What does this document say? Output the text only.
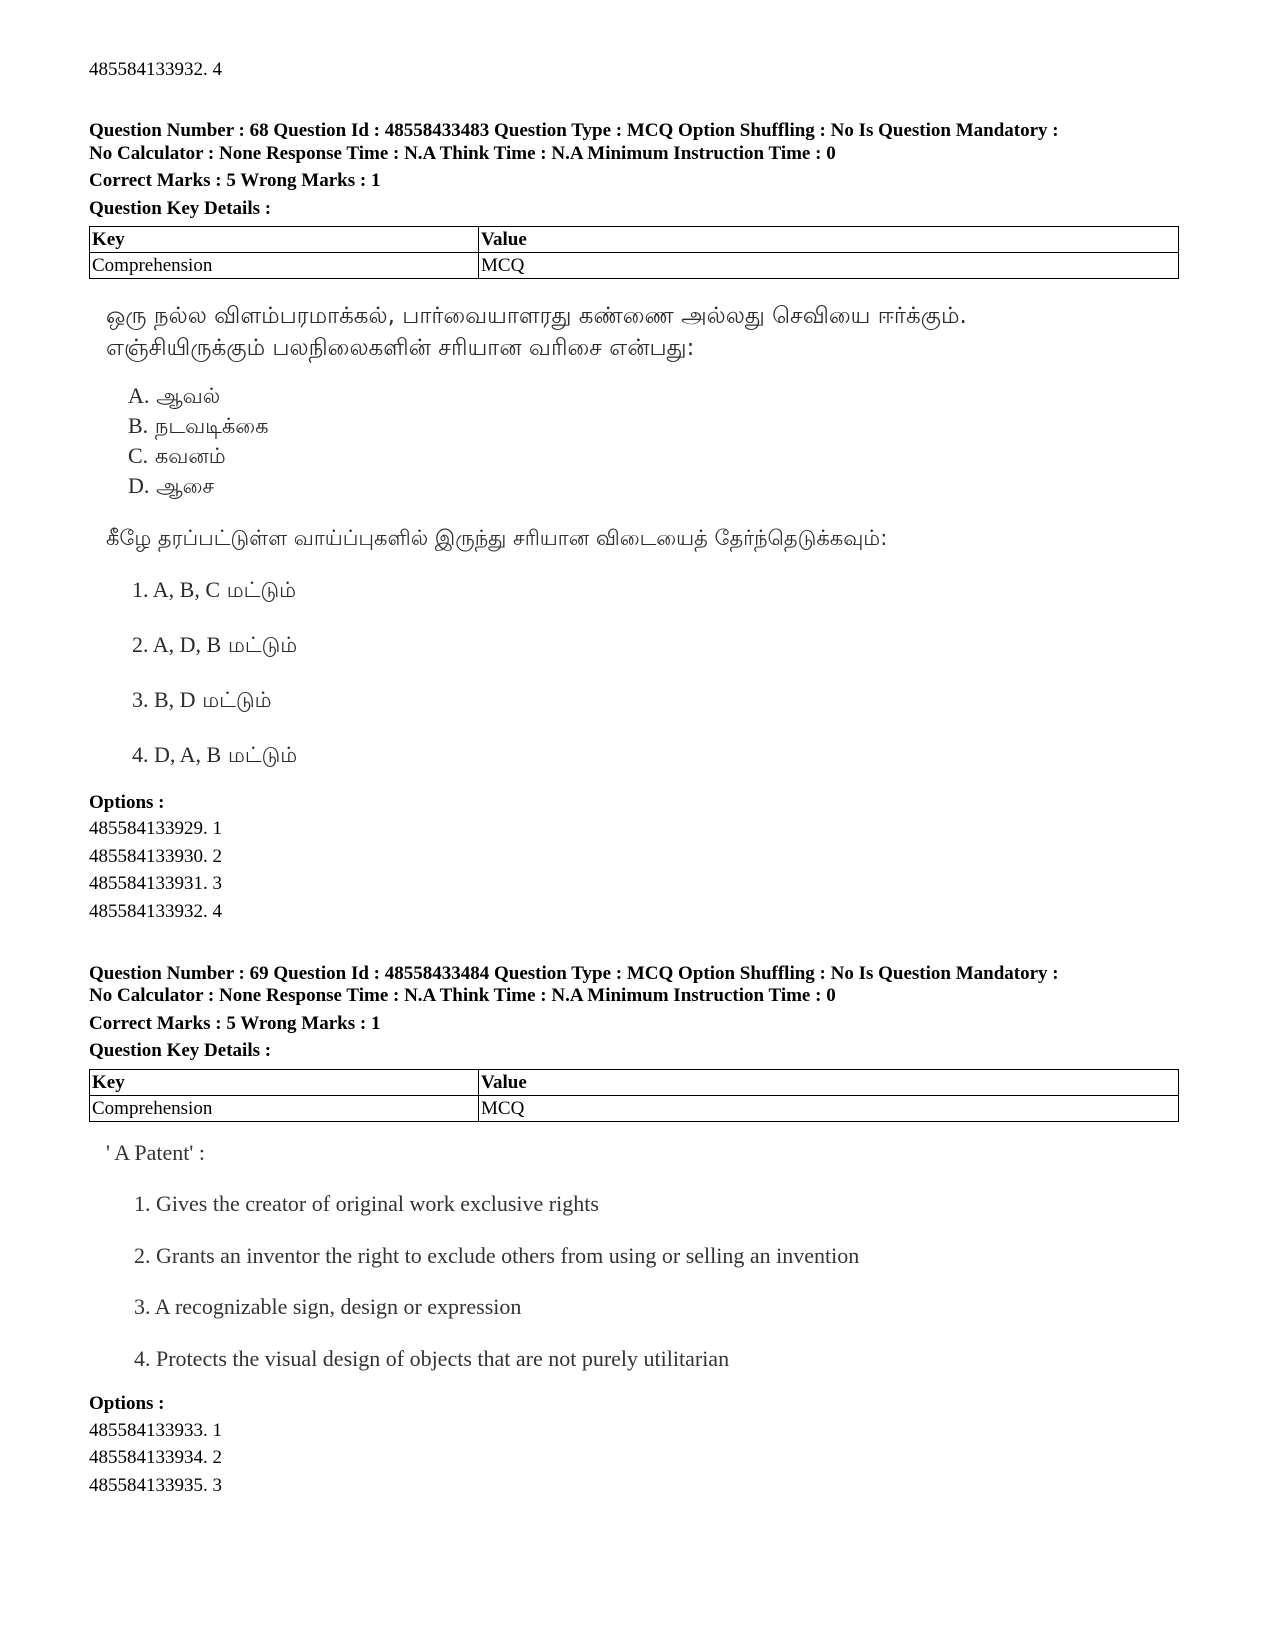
485584133932. 4
Question Number : 68 Question Id : 48558433483 Question Type : MCQ Option Shuffling : No Is Question Mandatory :
No Calculator : None Response Time : N.A Think Time : N.A Minimum Instruction Time : 0
Correct Marks : 5 Wrong Marks : 1
Question Key Details :
Key	Value
Comprehension	MCQ
ஒரு நல்ல விளம்பரமாக்கல், பார்வையாளரது கண்ணை அல்லது செவியை ஈர்க்கும்.
எஞ்சியிருக்கும் பலநிலைகளின் சரியான வரிசை என்பது:
A. ஆவல்
B. நடவடிக்கை
C. கவனம்
D. ஆசை
கீழே தரப்பட்டுள்ள வாய்ப்புகளில் இருந்து சரியான விடையைத் தேர்ந்தெடுக்கவும்:
1. A, B, C மட்டும்
2. A, D, B மட்டும்
3. B, D மட்டும்
4. D, A, B மட்டும்
Options :
485584133929. 1
485584133930. 2
485584133931. 3
485584133932. 4
Question Number : 69 Question Id : 48558433484 Question Type : MCQ Option Shuffling : No Is Question Mandatory :
No Calculator : None Response Time : N.A Think Time : N.A Minimum Instruction Time : 0
Correct Marks : 5 Wrong Marks : 1
Question Key Details :
Key	Value
Comprehension	MCQ
' A Patent' :
1. Gives the creator of original work exclusive rights
2. Grants an inventor the right to exclude others from using or selling an invention
3. A recognizable sign, design or expression
4. Protects the visual design of objects that are not purely utilitarian
Options :
485584133933. 1
485584133934. 2
485584133935. 3
